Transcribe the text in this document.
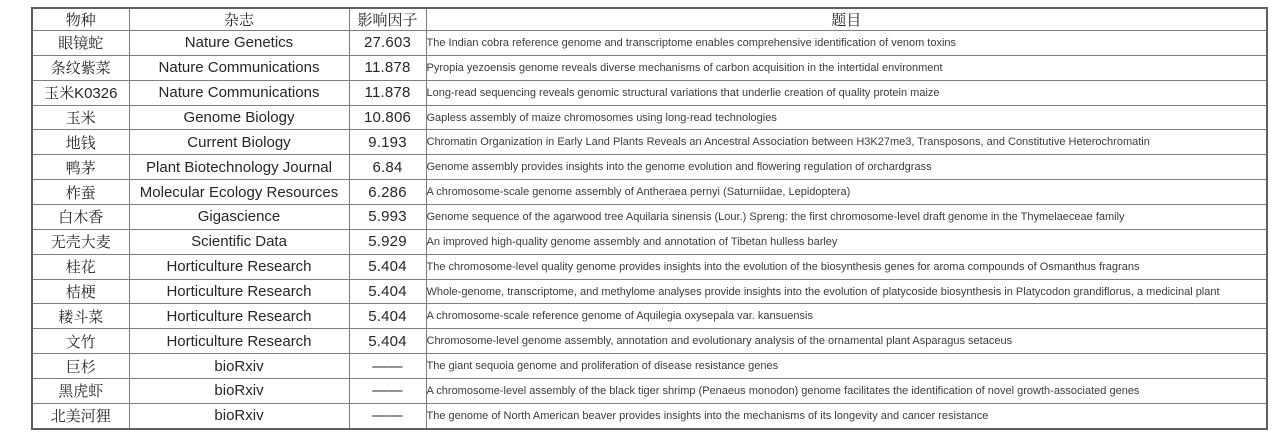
物种	杂志	影响因子	题目
眼镜蛇	Nature Genetics	27.603	The Indian cobra reference genome and transcriptome enables comprehensive identification of venom toxins
条纹紫菜	Nature Communications	11.878	Pyropia yezoensis genome reveals diverse mechanisms of carbon acquisition in the intertidal environment
玉米K0326	Nature Communications	11.878	Long-read sequencing reveals genomic structural variations that underlie creation of quality protein maize
玉米	Genome Biology	10.806	Gapless assembly of maize chromosomes using long-read technologies
地钱	Current Biology	9.193	Chromatin Organization in Early Land Plants Reveals an Ancestral Association between H3K27me3, Transposons, and Constitutive Heterochromatin
鸭茅	Plant Biotechnology Journal	6.84	Genome assembly provides insights into the genome evolution and flowering regulation of orchardgrass
柞蚕	Molecular Ecology Resources	6.286	A chromosome-scale genome assembly of Antheraea pernyi (Saturniidae, Lepidoptera)
白木香	Gigascience	5.993	Genome sequence of the agarwood tree Aquilaria sinensis (Lour.) Spreng: the first chromosome-level draft genome in the Thymelaeceae family
无壳大麦	Scientific Data	5.929	An improved high-quality genome assembly and annotation of Tibetan hulless barley
桂花	Horticulture Research	5.404	The chromosome-level quality genome provides insights into the evolution of the biosynthesis genes for aroma compounds of Osmanthus fragrans
桔梗	Horticulture Research	5.404	Whole-genome, transcriptome, and methylome analyses provide insights into the evolution of platycoside biosynthesis in Platycodon grandiflorus, a medicinal plant
耧斗菜	Horticulture Research	5.404	A chromosome-scale reference genome of Aquilegia oxysepala var. kansuensis
文竹	Horticulture Research	5.404	Chromosome-level genome assembly, annotation and evolutionary analysis of the ornamental plant Asparagus setaceus
巨杉	bioRxiv	——	The giant sequoia genome and proliferation of disease resistance genes
黑虎虾	bioRxiv	——	A chromosome-level assembly of the black tiger shrimp (Penaeus monodon) genome facilitates the identification of novel growth-associated genes
北美河狸	bioRxiv	——	The genome of North American beaver provides insights into the mechanisms of its longevity and cancer resistance
